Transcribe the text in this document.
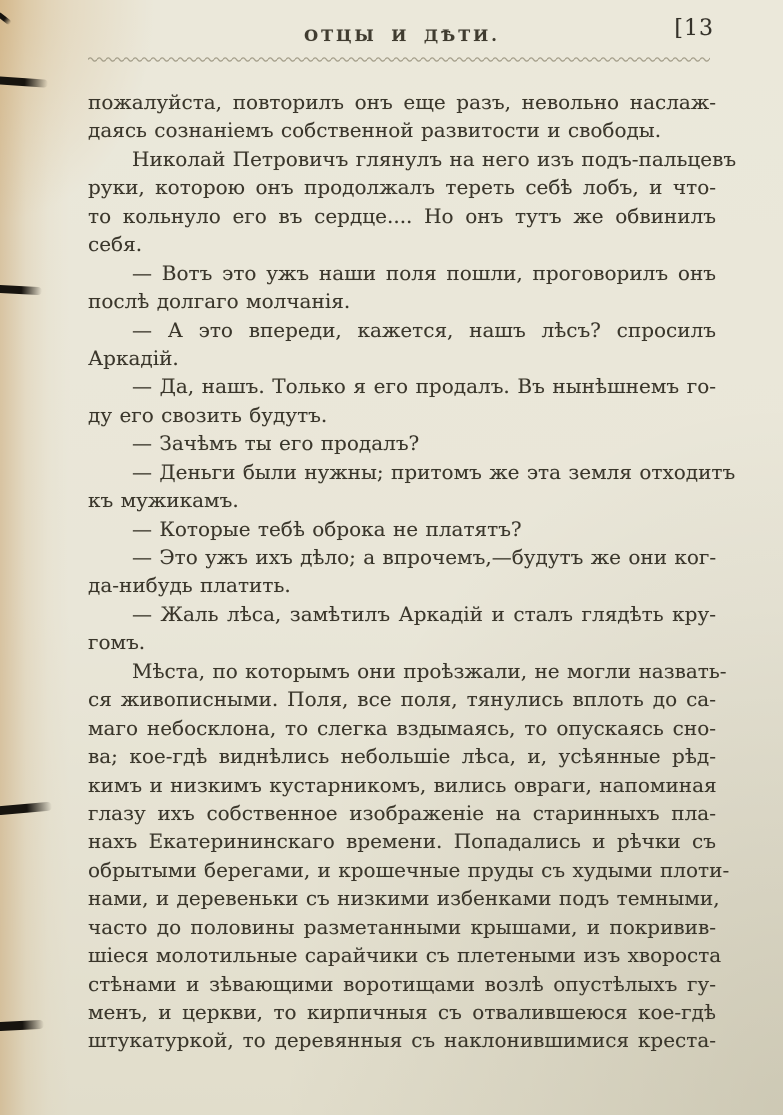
ОТЦЫ И ДѢТИ.	[13
пожалуйста, повторилъ онъ еще разъ, невольно наслаж-
даясь сознаніемъ собственной развитости и свободы.
Николай Петровичъ глянулъ на него изъ подъ-пальцевъ
руки, которою онъ продолжалъ тереть себѣ лобъ, и что-
то кольнуло его въ сердце.... Но онъ тутъ же обвинилъ
себя.
— Вотъ это ужъ наши поля пошли, проговорилъ онъ
послѣ долгаго молчанія.
— А это впереди, кажется, нашъ лѣсъ? спросилъ
Аркадій.
— Да, нашъ. Только я его продалъ. Въ нынѣшнемъ го-
ду его свозить будутъ.
— Зачѣмъ ты его продалъ?
— Деньги были нужны; притомъ же эта земля отходитъ
къ мужикамъ.
— Которые тебѣ оброка не платятъ?
— Это ужъ ихъ дѣло; а впрочемъ,—будутъ же они ког-
да-нибудь платить.
— Жаль лѣса, замѣтилъ Аркадій и сталъ глядѣть кру-
гомъ.
Мѣста, по которымъ они проѣзжали, не могли назвать-
ся живописными. Поля, все поля, тянулись вплоть до са-
маго небосклона, то слегка вздымаясь, то опускаясь сно-
ва; кое-гдѣ виднѣлись небольшіе лѣса, и, усѣянные рѣд-
кимъ и низкимъ кустарникомъ, вились овраги, напоминая
глазу ихъ собственное изображеніе на старинныхъ пла-
нахъ Екатерининскаго времени. Попадались и рѣчки съ
обрытыми берегами, и крошечные пруды съ худыми плоти-
нами, и деревеньки съ низкими избенками подъ темными,
часто до половины разметанными крышами, и покривив-
шіеся молотильные сарайчики съ плетеными изъ хвороста
стѣнами и зѣвающими воротищами возлѣ опустѣлыхъ гу-
менъ, и церкви, то кирпичныя съ отвалившеюся кое-гдѣ
штукатуркой, то деревянныя съ наклонившимися креста-
